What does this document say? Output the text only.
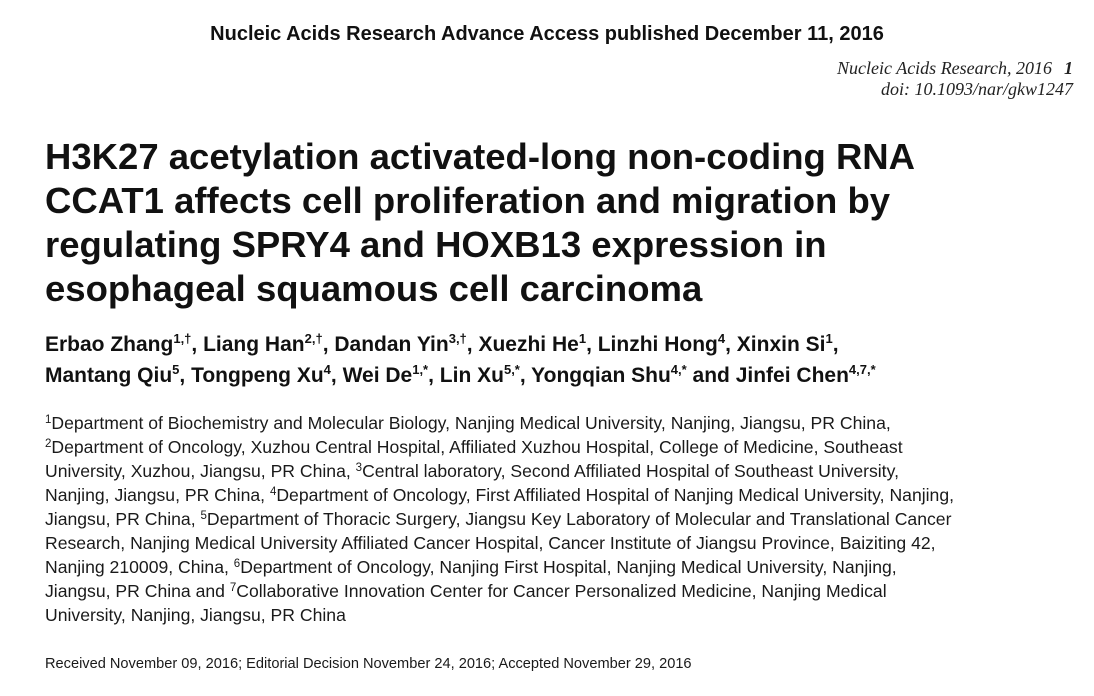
Nucleic Acids Research Advance Access published December 11, 2016
Nucleic Acids Research, 2016 1
doi: 10.1093/nar/gkw1247
H3K27 acetylation activated-long non-coding RNA
CCAT1 affects cell proliferation and migration by
regulating SPRY4 and HOXB13 expression in
esophageal squamous cell carcinoma
Erbao Zhang$^{1,\dagger}$, Liang Han$^{2,\dagger}$, Dandan Yin$^{3,\dagger}$, Xuezhi He$^1$, Linzhi Hong$^4$, Xinxin Si$^1$,
Mantang Qiu$^5$, Tongpeng Xu$^4$, Wei $De^{1,*}$, Lin $Xu^{5,*}$, Yongqian Shu$^{4,*}$ and Jinfei Chen$^{4,7,*}$
$^1$Department of Biochemistry and Molecular Biology, Nanjing Medical University, Nanjing, Jiangsu, PR China,
$^2$Department of Oncology, Xuzhou Central Hospital, Affiliated Xuzhou Hospital, College of Medicine, Southeast
University, Xuzhou, Jiangsu, PR China, $^3$Central laboratory, Second Affiliated Hospital of Southeast University,
Nanjing, Jiangsu, PR China, $^4$Department of Oncology, First Affiliated Hospital of Nanjing Medical University, Nanjing,
Jiangsu, PR China, $^5$Department of Thoracic Surgery, Jiangsu Key Laboratory of Molecular and Translational Cancer
Research, Nanjing Medical University Affiliated Cancer Hospital, Cancer Institute of Jiangsu Province, Baiziting 42,
Nanjing 210009, China, $^6$Department of Oncology, Nanjing First Hospital, Nanjing Medical University, Nanjing,
Jiangsu, PR China and $^7$Collaborative Innovation Center for Cancer Personalized Medicine, Nanjing Medical
University, Nanjing, Jiangsu, PR China
Received November 09, 2016; Editorial Decision November 24, 2016; Accepted November 29, 2016
